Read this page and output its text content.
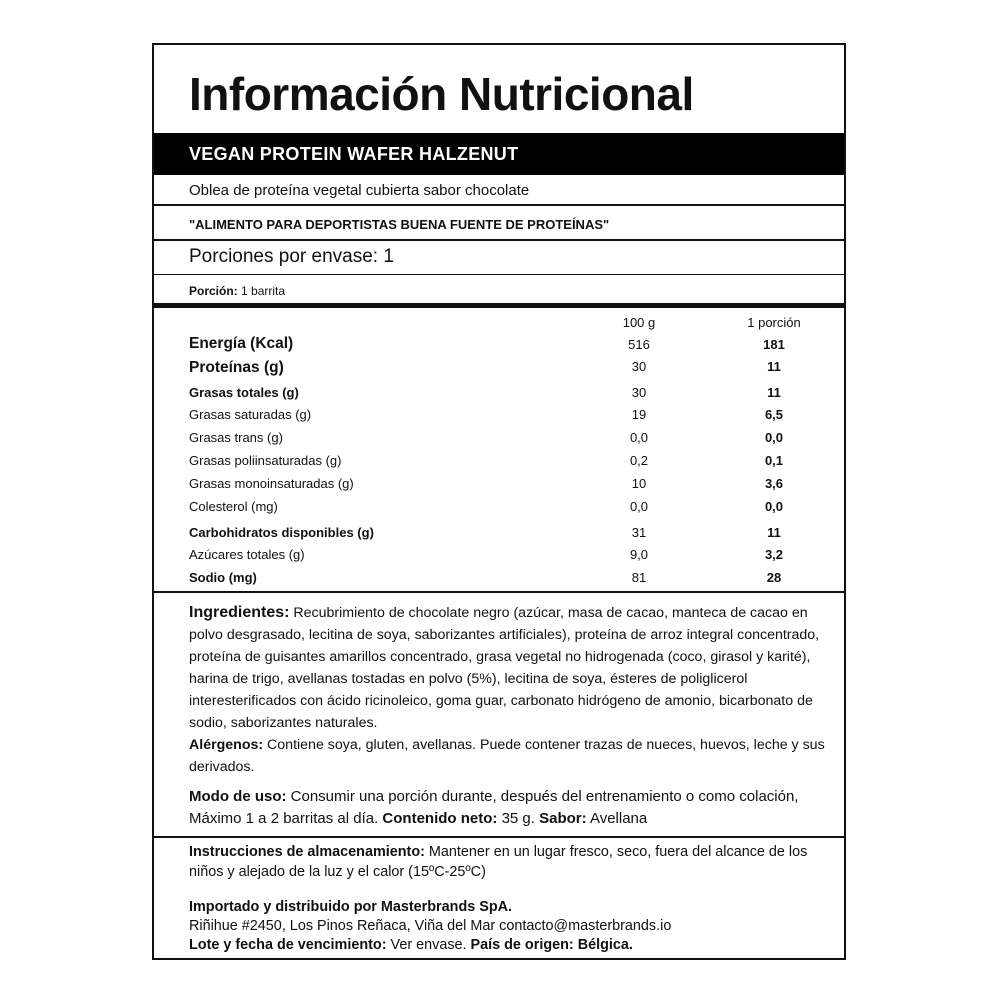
Información Nutricional
VEGAN PROTEIN WAFER HALZENUT
Oblea de proteína vegetal cubierta sabor chocolate
"ALIMENTO PARA DEPORTISTAS BUENA FUENTE DE PROTEÍNAS"
Porciones por envase: 1
Porción: 1 barrita
100 g	1 porción
Energía (Kcal)	516	181
Proteínas (g)	30	11
Grasas totales (g)	30	11
Grasas saturadas (g)	19	6,5
Grasas trans (g)	0,0	0,0
Grasas poliinsaturadas (g)	0,2	0,1
Grasas monoinsaturadas (g)	10	3,6
Colesterol (mg)	0,0	0,0
Carbohidratos disponibles (g)	31	11
Azúcares totales (g)	9,0	3,2
Sodio (mg)	81	28
Ingredientes: Recubrimiento de chocolate negro (azúcar, masa de cacao, manteca de cacao en polvo desgrasado, lecitina de soya, saborizantes artificiales), proteína de arroz integral concentrado, proteína de guisantes amarillos concentrado, grasa vegetal no hidrogenada (coco, girasol y karité), harina de trigo, avellanas tostadas en polvo (5%), lecitina de soya, ésteres de poliglicerol interesterificados con ácido ricinoleico, goma guar, carbonato hidrógeno de amonio, bicarbonato de sodio, saborizantes naturales.
Alérgenos: Contiene soya, gluten, avellanas. Puede contener trazas de nueces, huevos, leche y sus derivados.
Modo de uso: Consumir una porción durante, después del entrenamiento o como colación, Máximo 1 a 2 barritas al día. Contenido neto: 35 g. Sabor: Avellana
Instrucciones de almacenamiento: Mantener en un lugar fresco, seco, fuera del alcance de los niños y alejado de la luz y el calor (15ºC-25ºC)
Importado y distribuido por Masterbrands SpA.
Riñihue #2450, Los Pinos Reñaca, Viña del Mar contacto@masterbrands.io
Lote y fecha de vencimiento: Ver envase. País de origen: Bélgica.
